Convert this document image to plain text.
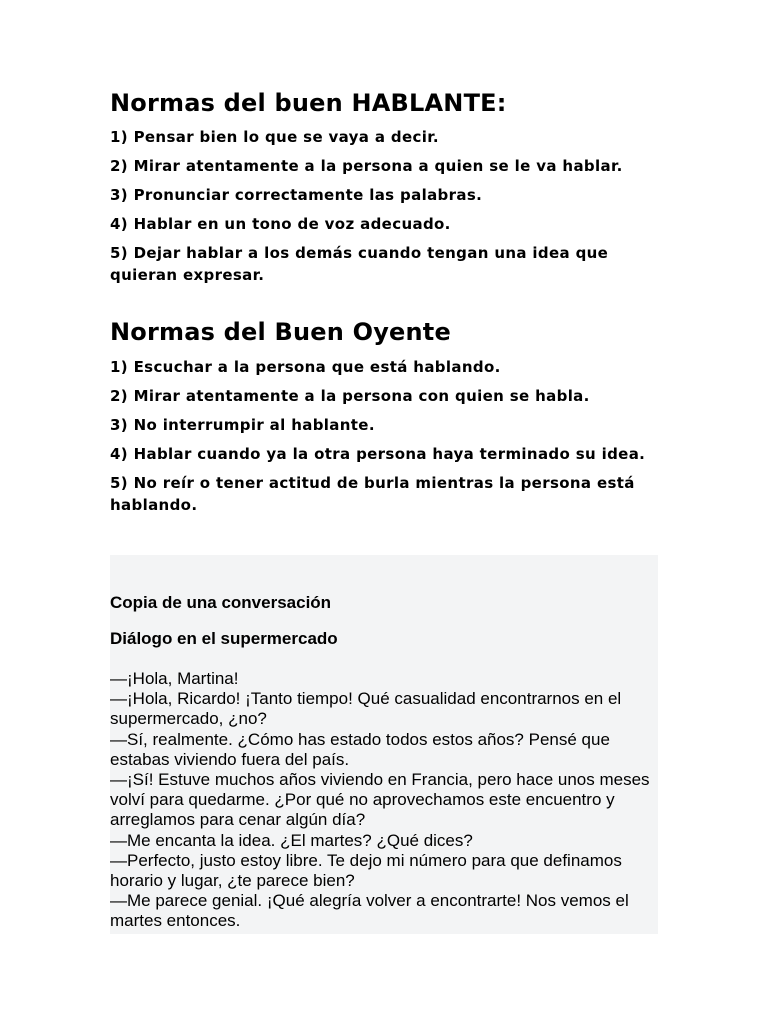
Normas del buen HABLANTE:

1) Pensar bien lo que se vaya a decir.

2) Mirar atentamente a la persona a quien se le va hablar.

3) Pronunciar correctamente las palabras.

4) Hablar en un tono de voz adecuado.

5) Dejar hablar a los demás cuando tengan una idea que quieran expresar.

Normas del Buen Oyente

1) Escuchar a la persona que está hablando.

2) Mirar atentamente a la persona con quien se habla.

3) No interrumpir al hablante.

4) Hablar cuando ya la otra persona haya terminado su idea.

5) No reír o tener actitud de burla mientras la persona está hablando.

Copia de una conversación

Diálogo en el supermercado

—¡Hola, Martina!

—¡Hola, Ricardo! ¡Tanto tiempo! Qué casualidad encontrarnos en el supermercado, ¿no?

—Sí, realmente. ¿Cómo has estado todos estos años? Pensé que estabas viviendo fuera del país.

—¡Sí! Estuve muchos años viviendo en Francia, pero hace unos meses volví para quedarme. ¿Por qué no aprovechamos este encuentro y arreglamos para cenar algún día?

—Me encanta la idea. ¿El martes? ¿Qué dices?

—Perfecto, justo estoy libre. Te dejo mi número para que definamos horario y lugar, ¿te parece bien?

—Me parece genial. ¡Qué alegría volver a encontrarte! Nos vemos el martes entonces.
